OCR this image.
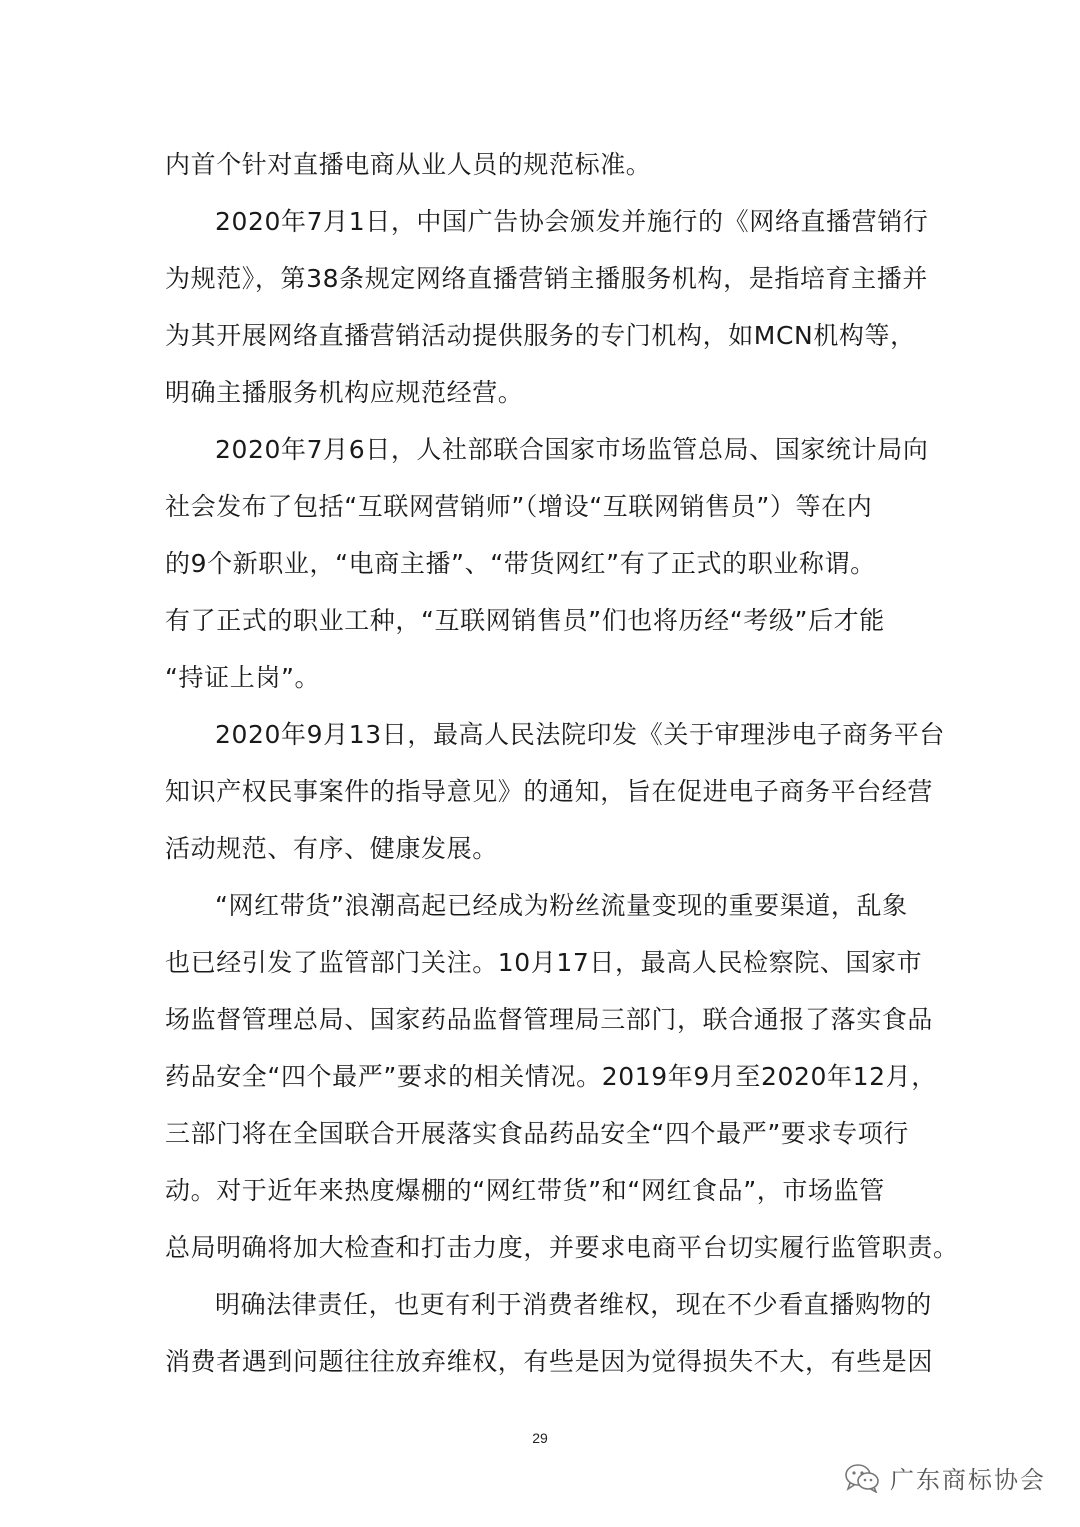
内首个针对直播电商从业人员的规范标准。
2020年7月1日，中国广告协会颁发并施行的《网络直播营销行
为规范》，第38条规定网络直播营销主播服务机构，是指培育主播并
为其开展网络直播营销活动提供服务的专门机构，如MCN机构等，
明确主播服务机构应规范经营。
2020年7月6日，人社部联合国家市场监管总局、国家统计局向
社会发布了包括“互联网营销师”（增设“互联网销售员”）等在内
的9个新职业，“电商主播”、“带货网红”有了正式的职业称谓。
有了正式的职业工种，“互联网销售员”们也将历经“考级”后才能
“持证上岗”。
2020年9月13日，最高人民法院印发《关于审理涉电子商务平台
知识产权民事案件的指导意见》的通知，旨在促进电子商务平台经营
活动规范、有序、健康发展。
“网红带货”浪潮高起已经成为粉丝流量变现的重要渠道，乱象
也已经引发了监管部门关注。10月17日，最高人民检察院、国家市
场监督管理总局、国家药品监督管理局三部门，联合通报了落实食品
药品安全“四个最严”要求的相关情况。2019年9月至2020年12月，
三部门将在全国联合开展落实食品药品安全“四个最严”要求专项行
动。对于近年来热度爆棚的“网红带货”和“网红食品”，市场监管
总局明确将加大检查和打击力度，并要求电商平台切实履行监管职责。
明确法律责任，也更有利于消费者维权，现在不少看直播购物的
消费者遇到问题往往放弃维权，有些是因为觉得损失不大，有些是因
29
广东商标协会
